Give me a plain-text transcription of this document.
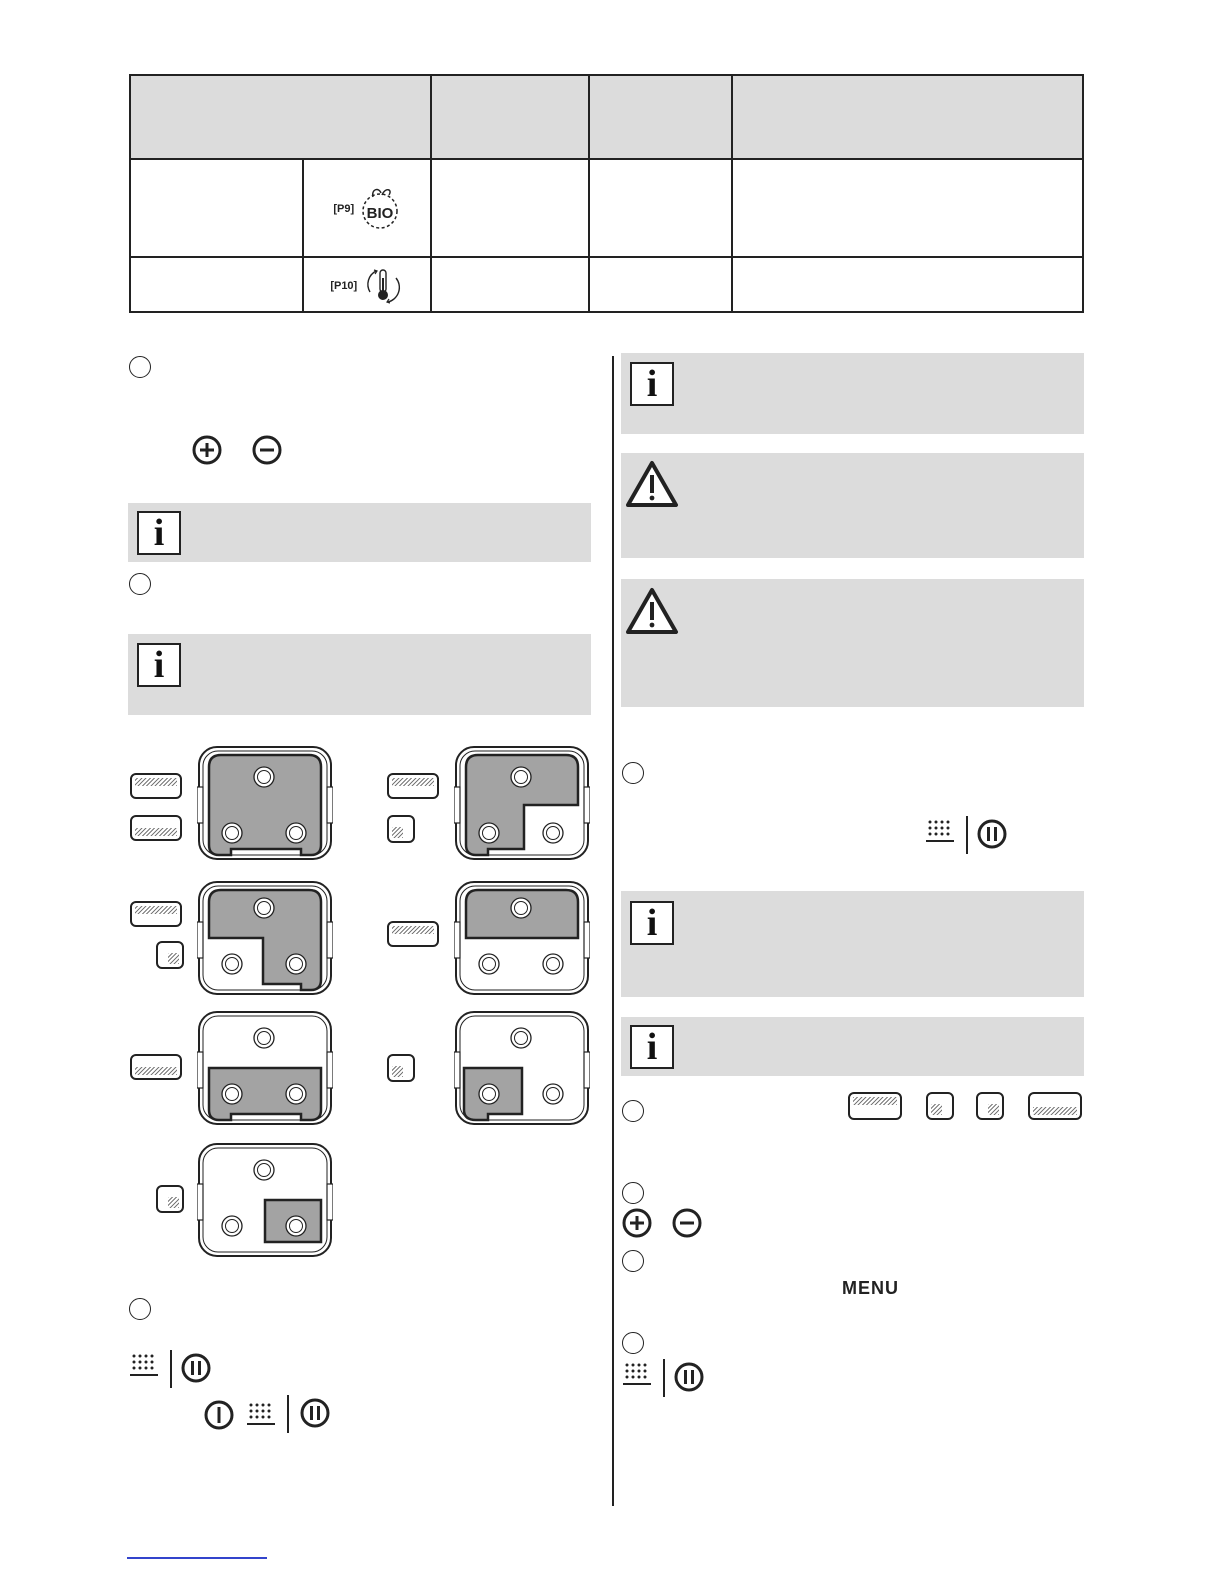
	[P9] BIO			

	[P10]			
i
i
i
i
i
MENU
